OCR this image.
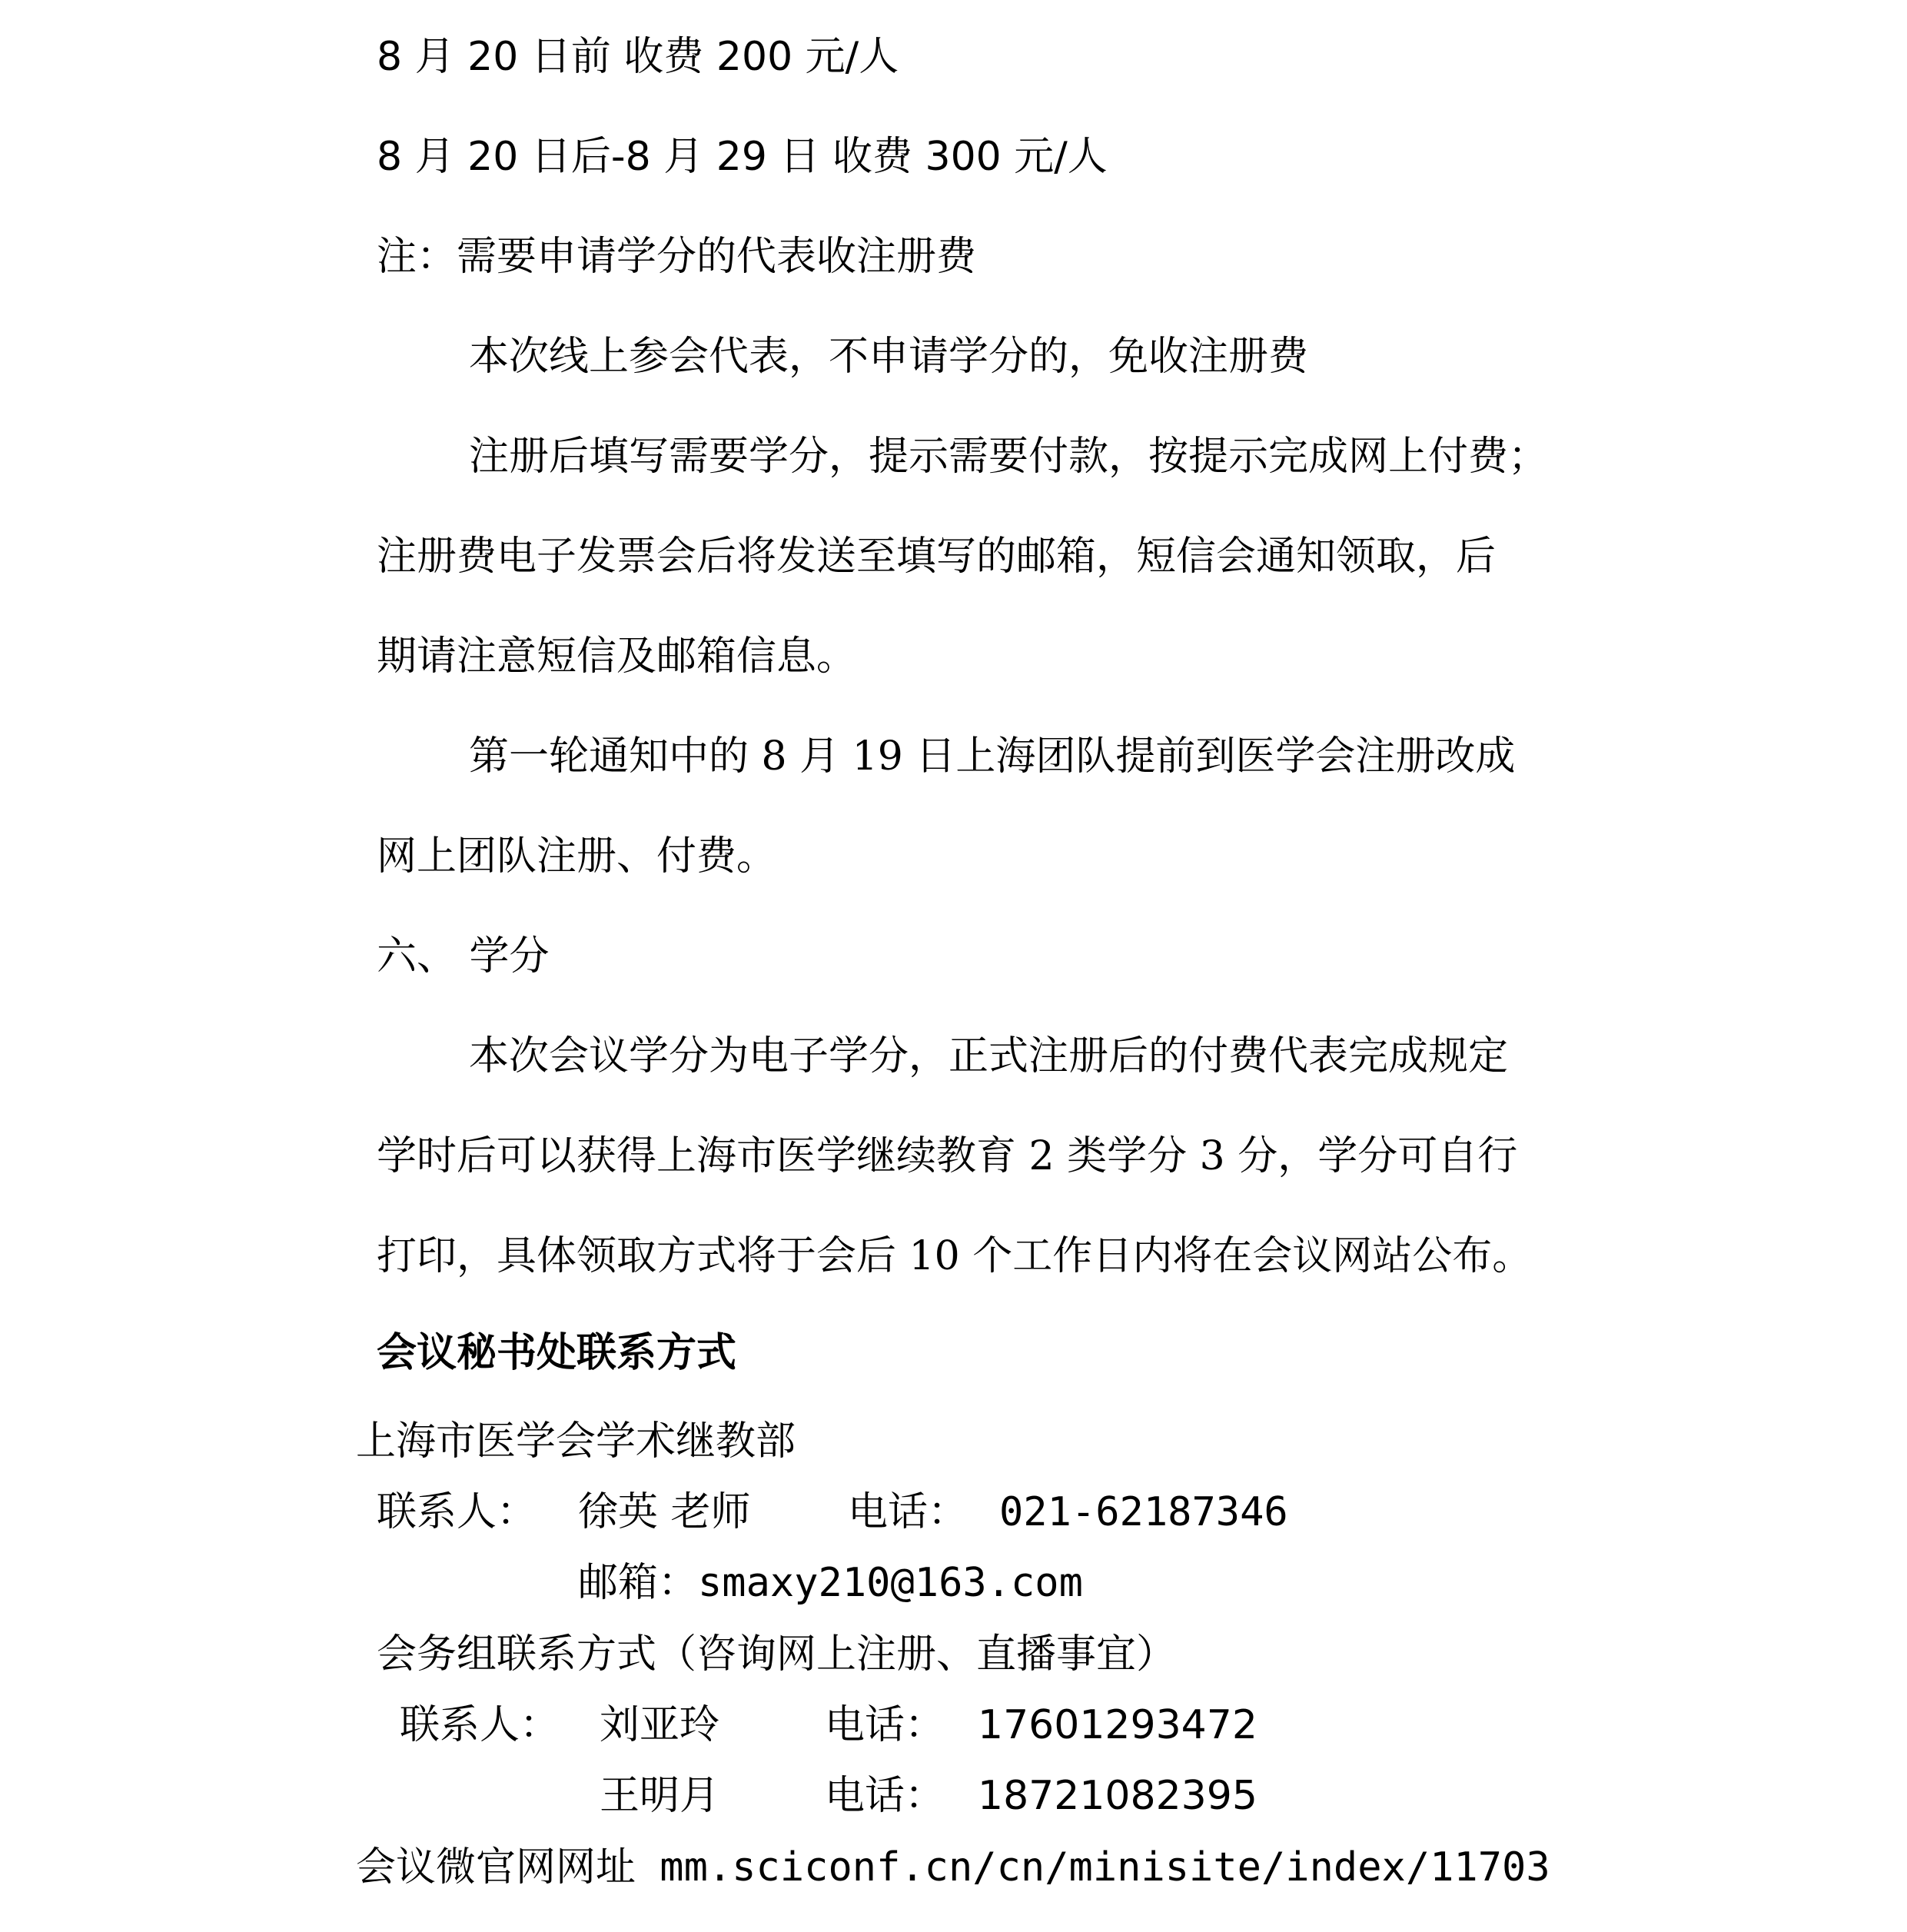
8 月 20 日前 收费 200 元/人
8 月 20 日后-8 月 29 日 收费 300 元/人
注：需要申请学分的代表收注册费
本次线上参会代表，不申请学分的，免收注册费
注册后填写需要学分，提示需要付款，按提示完成网上付费；
注册费电子发票会后将发送至填写的邮箱，短信会通知领取，后
期请注意短信及邮箱信息。
第一轮通知中的 8 月 19 日上海团队提前到医学会注册改成
网上团队注册、付费。
六、 学分
本次会议学分为电子学分，正式注册后的付费代表完成规定
学时后可以获得上海市医学继续教育 2 类学分 3 分，学分可自行
打印，具体领取方式将于会后 10 个工作日内将在会议网站公布。
会议秘书处联系方式
上海市医学会学术继教部
联系人： 徐英 老师 电话： 021-62187346
邮箱：smaxy210@163.com
会务组联系方式（咨询网上注册、直播事宜）
联系人： 刘亚玲	电话： 17601293472
王明月	电话： 18721082395
会议微官网网址 mm.sciconf.cn/cn/minisite/index/11703
